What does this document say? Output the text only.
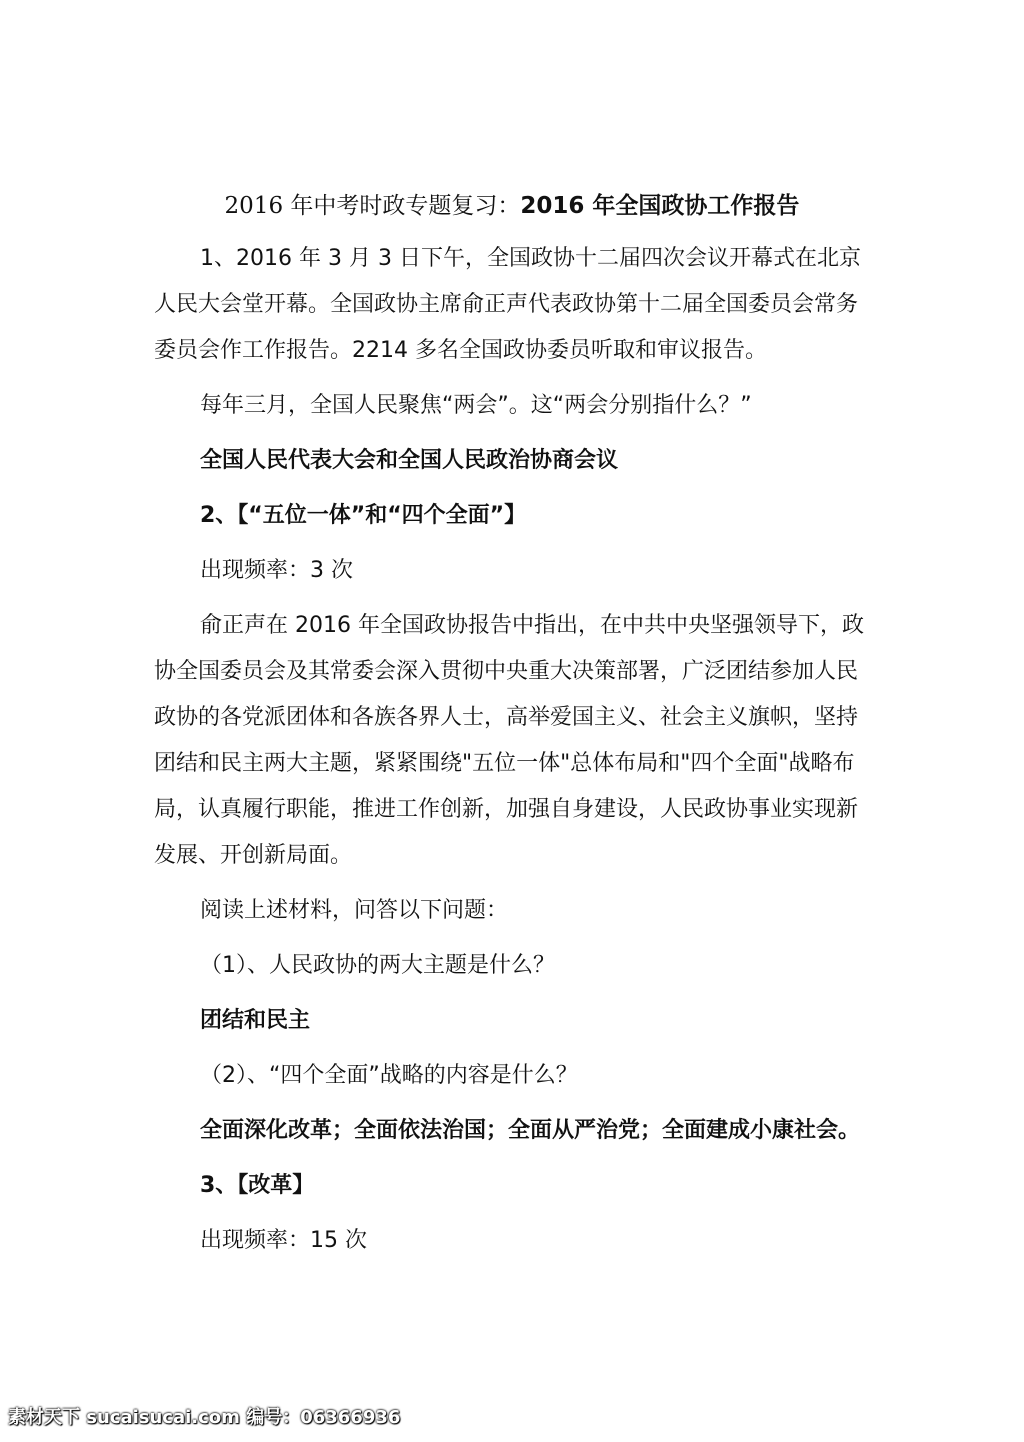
2016 年中考时政专题复习：2016 年全国政协工作报告

1、2016 年 3 月 3 日下午，全国政协十二届四次会议开幕式在北京人民大会堂开幕。全国政协主席俞正声代表政协第十二届全国委员会常务委员会作工作报告。2214 多名全国政协委员听取和审议报告。

每年三月，全国人民聚焦“两会”。这“两会分别指什么？”

全国人民代表大会和全国人民政治协商会议

2、【“五位一体”和“四个全面”】

出现频率：3 次

俞正声在 2016 年全国政协报告中指出，在中共中央坚强领导下，政协全国委员会及其常委会深入贯彻中央重大决策部署，广泛团结参加人民政协的各党派团体和各族各界人士，高举爱国主义、社会主义旗帜，坚持团结和民主两大主题，紧紧围绕"五位一体"总体布局和"四个全面"战略布局，认真履行职能，推进工作创新，加强自身建设，人民政协事业实现新发展、开创新局面。

阅读上述材料，问答以下问题：

（1）、人民政协的两大主题是什么？

团结和民主

（2）、“四个全面”战略的内容是什么？

全面深化改革；全面依法治国；全面从严治党；全面建成小康社会。

3、【改革】

出现频率：15 次

素材天下 sucaisucai.com 编号：06366936
